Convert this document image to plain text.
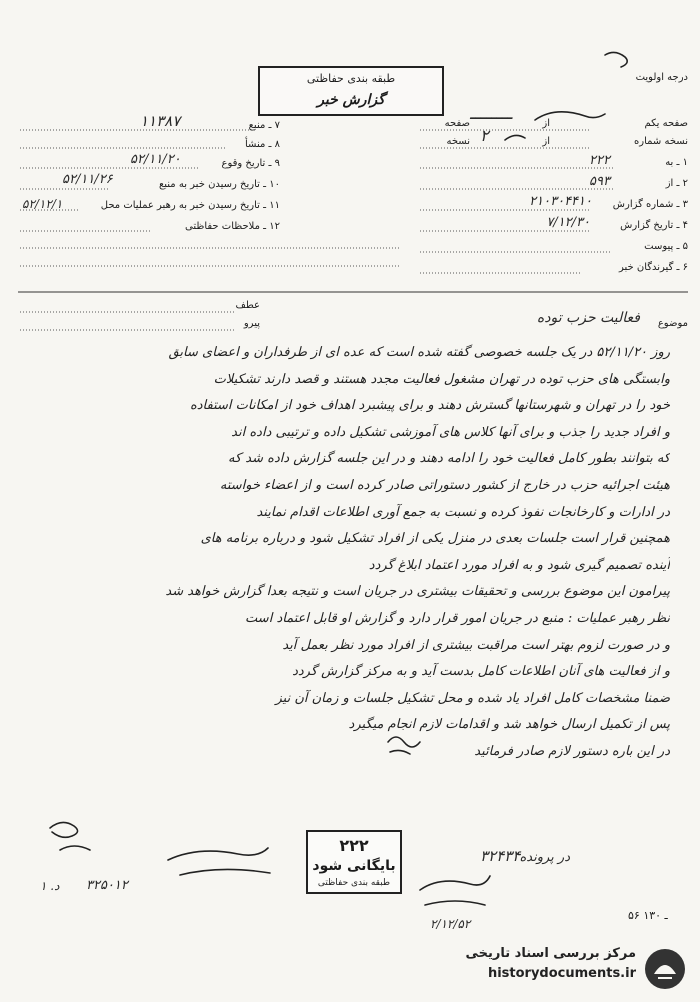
درجه اولویت
طبقه بندی حفاظتی
گزارش خبر
صفحه یکم
از
صفحه
نسخه شماره
از
نسخه
۱ ـ به
۲۲۲
۲ ـ از
۵۹۳
۳ ـ شماره گزارش
۲۱۰۳۰۴۴۱۰
۴ ـ تاریخ گزارش
۷/۱۲/۳۰
۵ ـ پیوست
۶ ـ گیرندگان خبر
۷ ـ منبع
۱۱۳۸۷
۸ ـ منشأ
۹ ـ تاریخ وقوع
۵۲/۱۱/۲۰
۱۰ ـ تاریخ رسیدن خبر به منبع
۵۲/۱۱/۲۶
۱۱ ـ تاریخ رسیدن خبر به رهبر عملیات محل
۵۲/۱۲/۱
۱۲ ـ ملاحظات حفاظتی
ــــــــ
۲
عطف
پیرو	موضوع
فعالیت حزب توده
روز ۵۲/۱۱/۲۰ در یک جلسه خصوصی گفته شده است که عده ای از طرفداران و اعضای سابق
وابستگی های حزب توده در تهران مشغول فعالیت مجدد هستند و قصد دارند تشکیلات
خود را در تهران و شهرستانها گسترش دهند و برای پیشبرد اهداف خود از امکانات استفاده
و افراد جدید را جذب و برای آنها کلاس های آموزشی تشکیل داده و ترتیبی داده اند
که بتوانند بطور کامل فعالیت خود را ادامه دهند و در این جلسه گزارش داده شد که
هیئت اجرائیه حزب در خارج از کشور دستوراتی صادر کرده است و از اعضاء خواسته
در ادارات و کارخانجات نفوذ کرده و نسبت به جمع آوری اطلاعات اقدام نمایند
همچنین قرار است جلسات بعدی در منزل یکی از افراد تشکیل شود و درباره برنامه های
آینده تصمیم گیری شود و به افراد مورد اعتماد ابلاغ گردد
پیرامون این موضوع بررسی و تحقیقات بیشتری در جریان است و نتیجه بعدا گزارش خواهد شد
نظر رهبر عملیات : منبع در جریان امور قرار دارد و گزارش او قابل اعتماد است
و در صورت لزوم بهتر است مراقبت بیشتری از افراد مورد نظر بعمل آید
و از فعالیت های آنان اطلاعات کامل بدست آید و به مرکز گزارش گردد
ضمنا مشخصات کامل افراد یاد شده و محل تشکیل جلسات و زمان آن نیز
پس از تکمیل ارسال خواهد شد و اقدامات لازم انجام میگیرد
در این باره دستور لازم صادر فرمائید
در پرونده
۳۲۴۳۴
۲۲۲
بایگانی شود
طبقه بندی حفاظتی
۳۲۵۰۱۲
د. ۱
۲/۱۲/۵۲
۵۶ ـ ۱۳۰
مرکز بررسی اسناد تاریخی
historydocuments.ir
